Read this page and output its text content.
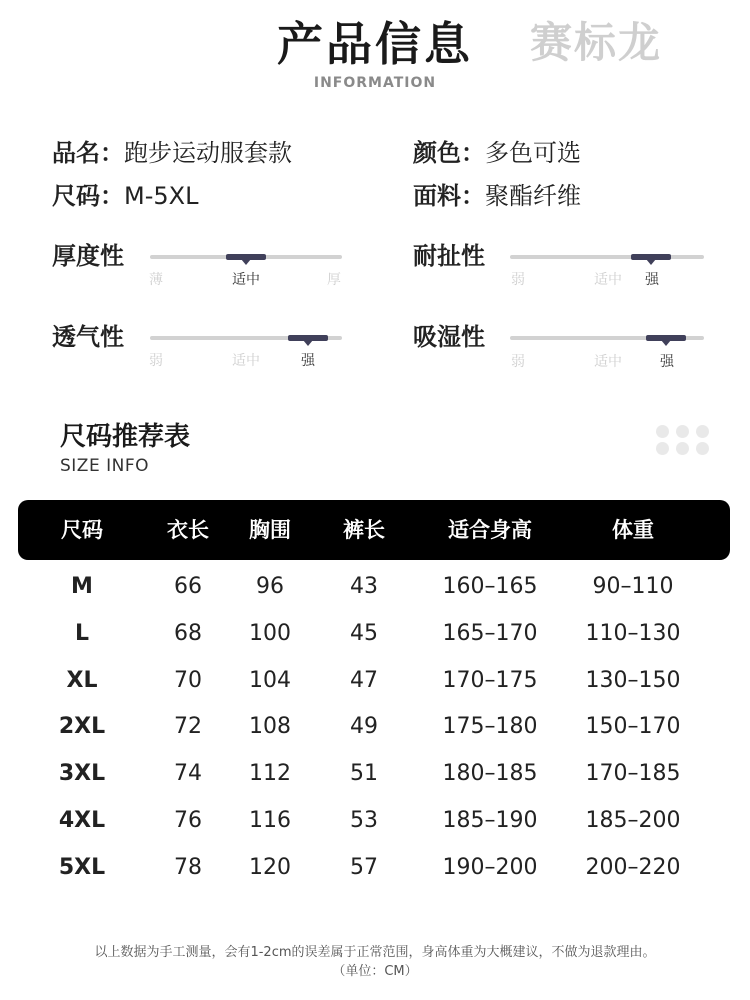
产品信息
INFORMATION
赛标龙
品名：跑步运动服套款	颜色：多色可选
尺码：M-5XL	面料：聚酯纤维
厚度性
薄	适中	厚
耐扯性
弱	适中	强
透气性
弱	适中	强
吸湿性
弱	适中	强
尺码推荐表
SIZE INFO
尺码	衣长	胸围	裤长	适合身高	体重
M	66	96	43	160–165	90–110
L	68	100	45	165–170	110–130
XL	70	104	47	170–175	130–150
2XL	72	108	49	175–180	150–170
3XL	74	112	51	180–185	170–185
4XL	76	116	53	185–190	185–200
5XL	78	120	57	190–200	200–220
以上数据为手工测量，会有1-2cm的误差属于正常范围，身高体重为大概建议，不做为退款理由。
（单位：CM）
